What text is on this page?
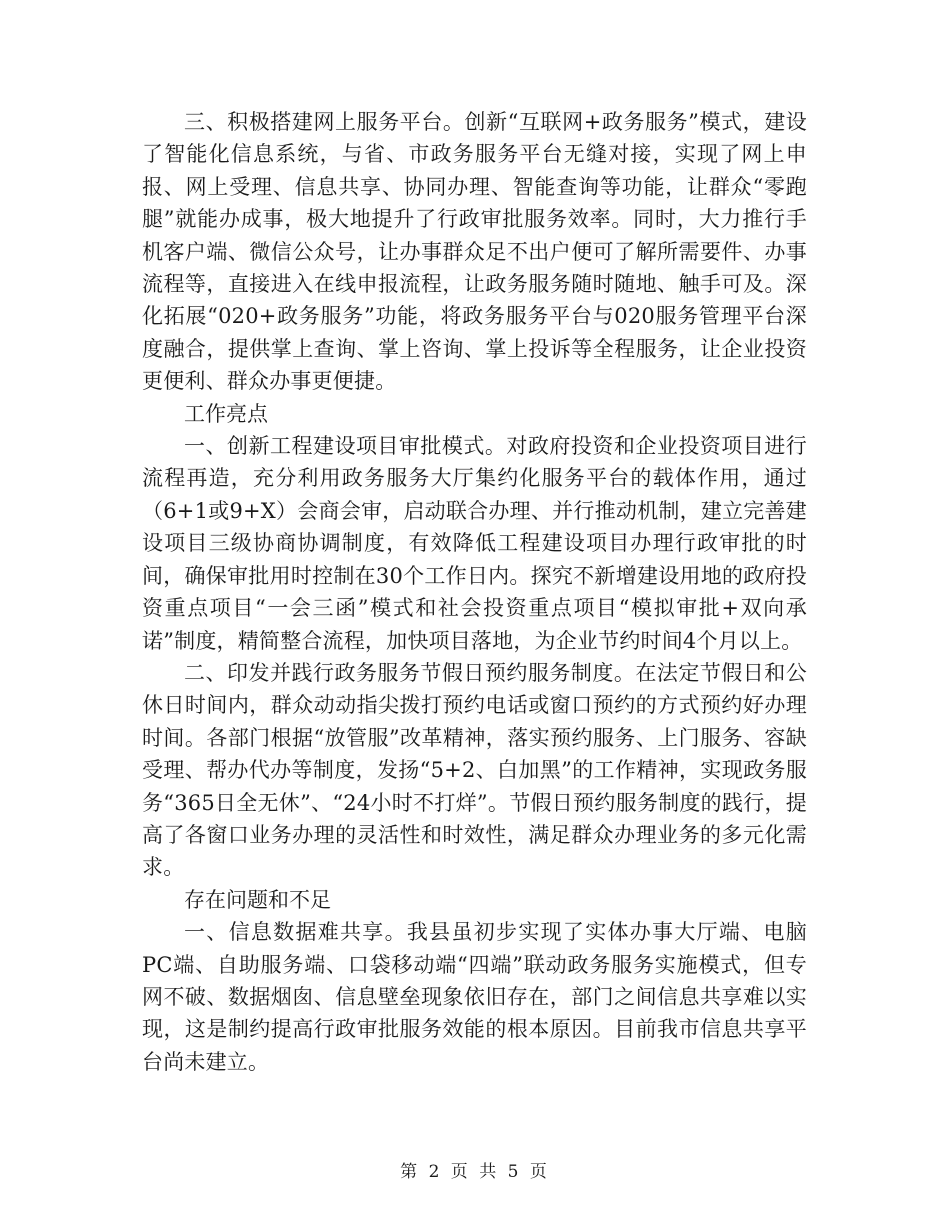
三、积极搭建网上服务平台。创新“互联网+政务服务”模式，建设了智能化信息系统，与省、市政务服务平台无缝对接，实现了网上申报、网上受理、信息共享、协同办理、智能查询等功能，让群众“零跑腿”就能办成事，极大地提升了行政审批服务效率。同时，大力推行手机客户端、微信公众号，让办事群众足不出户便可了解所需要件、办事流程等，直接进入在线申报流程，让政务服务随时随地、触手可及。深化拓展“020+政务服务”功能，将政务服务平台与020服务管理平台深度融合，提供掌上查询、掌上咨询、掌上投诉等全程服务，让企业投资更便利、群众办事更便捷。

工作亮点

一、创新工程建设项目审批模式。对政府投资和企业投资项目进行流程再造，充分利用政务服务大厅集约化服务平台的载体作用，通过（6+1或9+X）会商会审，启动联合办理、并行推动机制，建立完善建设项目三级协商协调制度，有效降低工程建设项目办理行政审批的时间，确保审批用时控制在30个工作日内。探究不新增建设用地的政府投资重点项目“一会三函”模式和社会投资重点项目“模拟审批+双向承诺”制度，精简整合流程，加快项目落地，为企业节约时间4个月以上。

二、印发并践行政务服务节假日预约服务制度。在法定节假日和公休日时间内，群众动动指尖拨打预约电话或窗口预约的方式预约好办理时间。各部门根据“放管服”改革精神，落实预约服务、上门服务、容缺受理、帮办代办等制度，发扬“5+2、白加黑”的工作精神，实现政务服务“365日全无休”、“24小时不打烊”。节假日预约服务制度的践行，提高了各窗口业务办理的灵活性和时效性，满足群众办理业务的多元化需求。

存在问题和不足

一、信息数据难共享。我县虽初步实现了实体办事大厅端、电脑PC端、自助服务端、口袋移动端“四端”联动政务服务实施模式，但专网不破、数据烟囱、信息壁垒现象依旧存在，部门之间信息共享难以实现，这是制约提高行政审批服务效能的根本原因。目前我市信息共享平台尚未建立。

第 2 页 共 5 页
